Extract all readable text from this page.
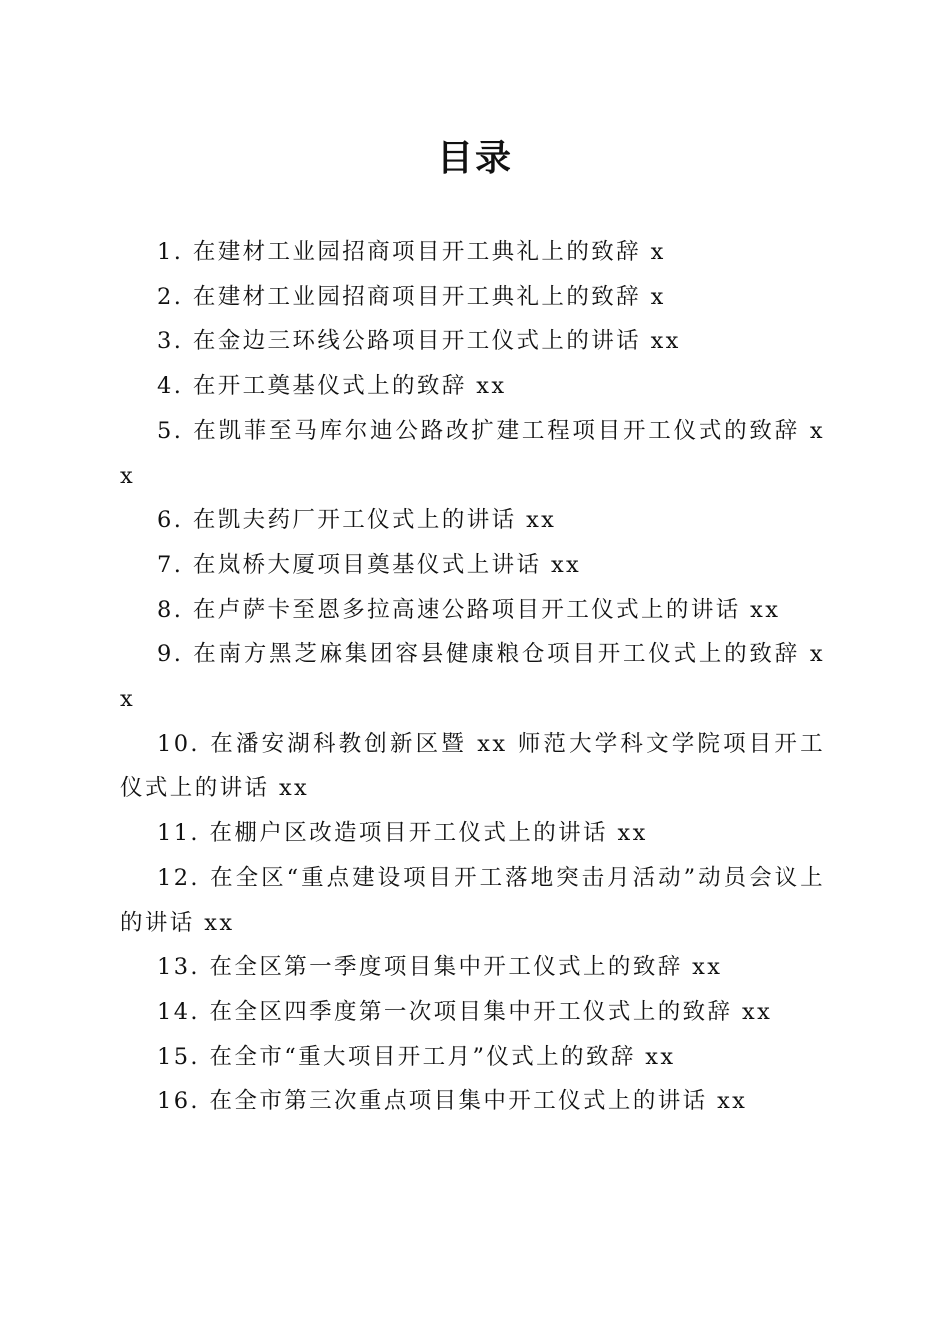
目录
1. 在建材工业园招商项目开工典礼上的致辞 x
2. 在建材工业园招商项目开工典礼上的致辞 x
3. 在金边三环线公路项目开工仪式上的讲话 xx
4. 在开工奠基仪式上的致辞 xx
5. 在凯菲至马库尔迪公路改扩建工程项目开工仪式的致辞 xx
6. 在凯夫药厂开工仪式上的讲话 xx
7. 在岚桥大厦项目奠基仪式上讲话 xx
8. 在卢萨卡至恩多拉高速公路项目开工仪式上的讲话 xx
9. 在南方黑芝麻集团容县健康粮仓项目开工仪式上的致辞 xx
10. 在潘安湖科教创新区暨 xx 师范大学科文学院项目开工仪式上的讲话 xx
11. 在棚户区改造项目开工仪式上的讲话 xx
12. 在全区“重点建设项目开工落地突击月活动”动员会议上的讲话 xx
13. 在全区第一季度项目集中开工仪式上的致辞 xx
14. 在全区四季度第一次项目集中开工仪式上的致辞 xx
15. 在全市“重大项目开工月”仪式上的致辞 xx
16. 在全市第三次重点项目集中开工仪式上的讲话 xx
